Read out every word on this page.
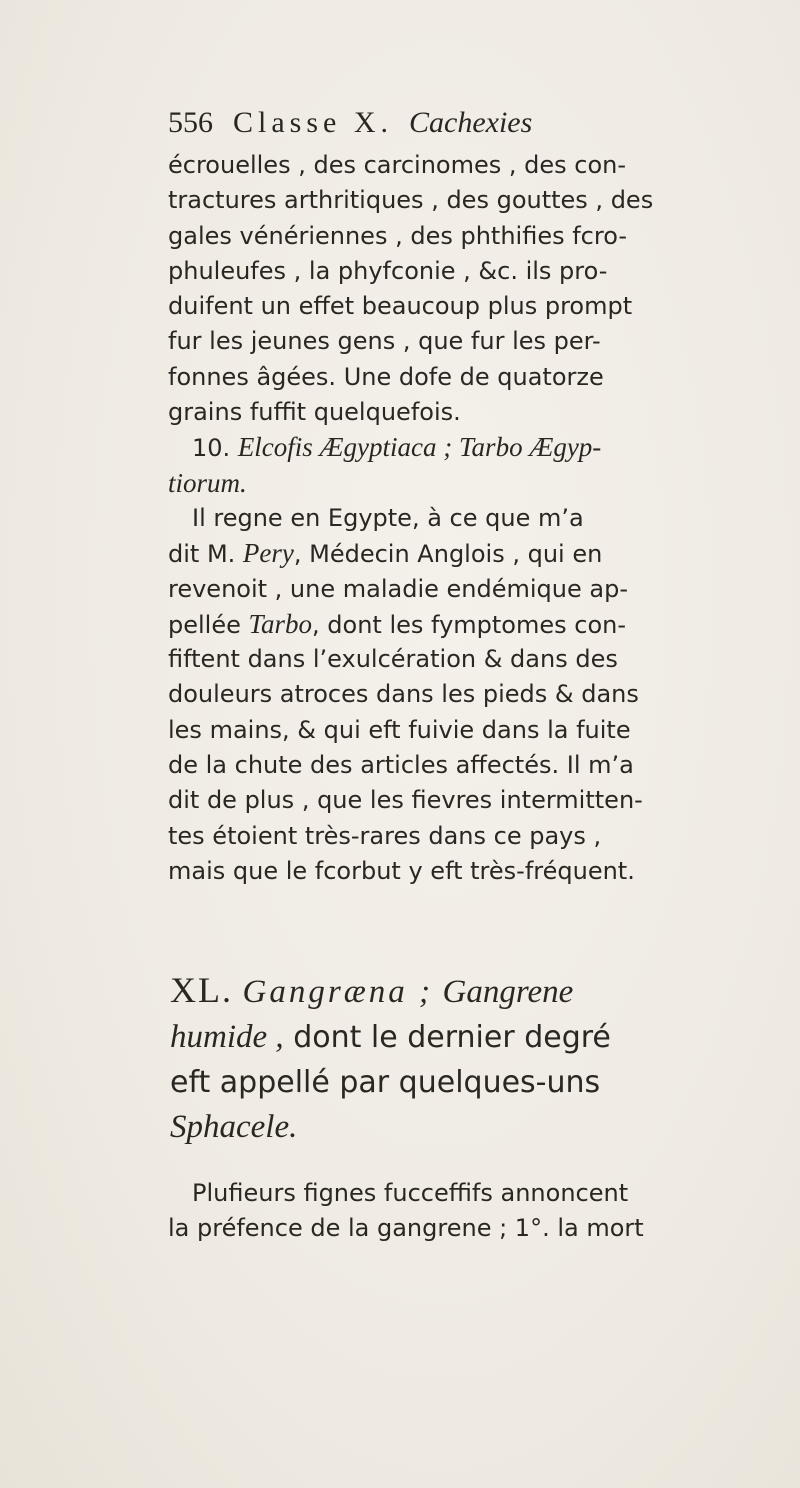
556 Classe X. Cachexies
écrouelles , des carcinomes , des con-
tractures arthritiques , des gouttes , des
gales vénériennes , des phthifies fcro-
phuleufes , la phyfconie , &c. ils pro-
duifent un effet beaucoup plus prompt
fur les jeunes gens , que fur les per-
fonnes âgées. Une dofe de quatorze
grains fuffit quelquefois.
10. Elcofis Ægyptiaca ; Tarbo Ægyp-
tiorum.
Il regne en Egypte, à ce que m’a
dit M. Pery, Médecin Anglois , qui en
revenoit , une maladie endémique ap-
pellée Tarbo, dont les fymptomes con-
fiftent dans l’exulcération & dans des
douleurs atroces dans les pieds & dans
les mains, & qui eft fuivie dans la fuite
de la chute des articles affectés. Il m’a
dit de plus , que les fievres intermitten-
tes étoient très-rares dans ce pays ,
mais que le fcorbut y eft très-fréquent.
XL. Gangræna ; Gangrene
humide , dont le dernier degré
eft appellé par quelques-uns
Sphacele.
Plufieurs fignes fucceffifs annoncent
la préfence de la gangrene ; 1°. la mort
